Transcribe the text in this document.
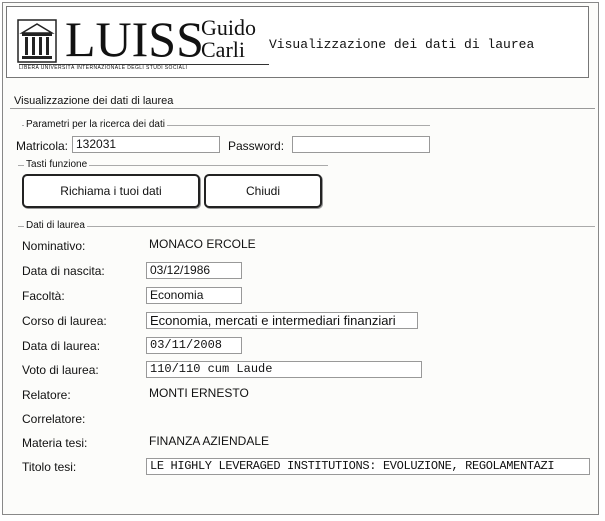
LUISS
Guido
Carli
LIBERA UNIVERSITÀ INTERNAZIONALE DEGLI STUDI SOCIALI
Visualizzazione dei dati di laurea
Visualizzazione dei dati di laurea
Parametri per la ricerca dei dati
Matricola: 132031	Password:
Tasti funzione
Richiama i tuoi dati	Chiudi
Dati di laurea
Nominativo:	MONACO ERCOLE
Data di nascita:	03/12/1986
Facoltà:	Economia
Corso di laurea:	Economia, mercati e intermediari finanziari
Data di laurea:	03/11/2008
Voto di laurea:	110/110 cum Laude
Relatore:	MONTI ERNESTO
Correlatore:
Materia tesi:	FINANZA AZIENDALE
Titolo tesi:	LE HIGHLY LEVERAGED INSTITUTIONS: EVOLUZIONE, REGOLAMENTAZI
